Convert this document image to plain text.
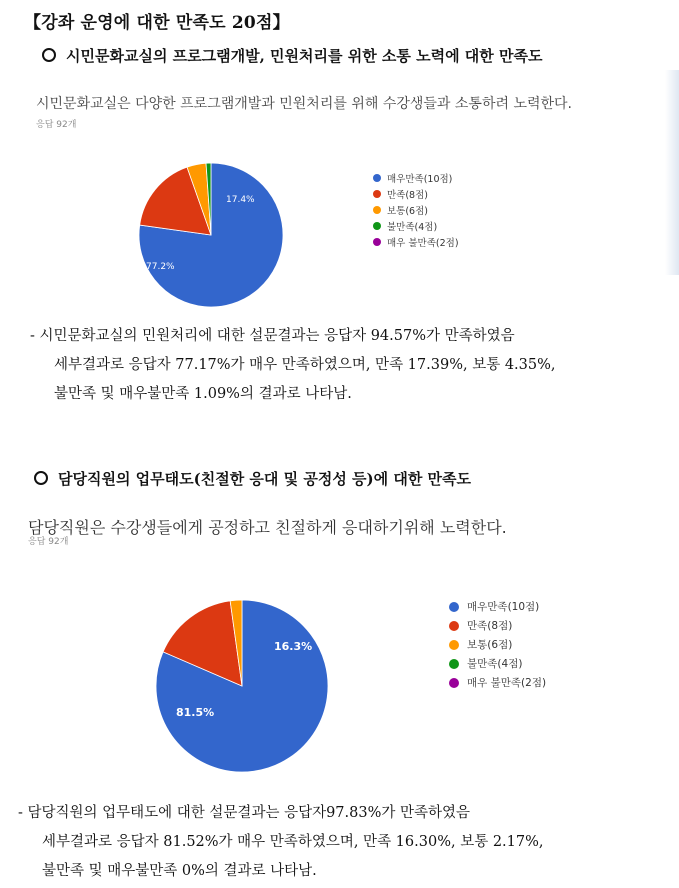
【강좌 운영에 대한 만족도 20점】
시민문화교실의 프로그램개발, 민원처리를 위한 소통 노력에 대한 만족도
시민문화교실은 다양한 프로그램개발과 민원처리를 위해 수강생들과 소통하려 노력한다.
응답 92개
77.2%
17.4%
매우만족(10점)
만족(8점)
보통(6점)
불만족(4점)
매우 불만족(2점)
- 시민문화교실의 민원처리에 대한 설문결과는 응답자 94.57%가 만족하였음
세부결과로 응답자 77.17%가 매우 만족하였으며, 만족 17.39%, 보통 4.35%,
불만족 및 매우불만족 1.09%의 결과로 나타남.
담당직원의 업무태도(친절한 응대 및 공정성 등)에 대한 만족도
담당직원은 수강생들에게 공정하고 친절하게 응대하기위해 노력한다.
응답 92개
81.5%
16.3%
매우만족(10점)
만족(8점)
보통(6점)
불만족(4점)
매우 불만족(2점)
- 담당직원의 업무태도에 대한 설문결과는 응답자97.83%가 만족하였음
세부결과로 응답자 81.52%가 매우 만족하였으며, 만족 16.30%, 보통 2.17%,
불만족 및 매우불만족 0%의 결과로 나타남.
